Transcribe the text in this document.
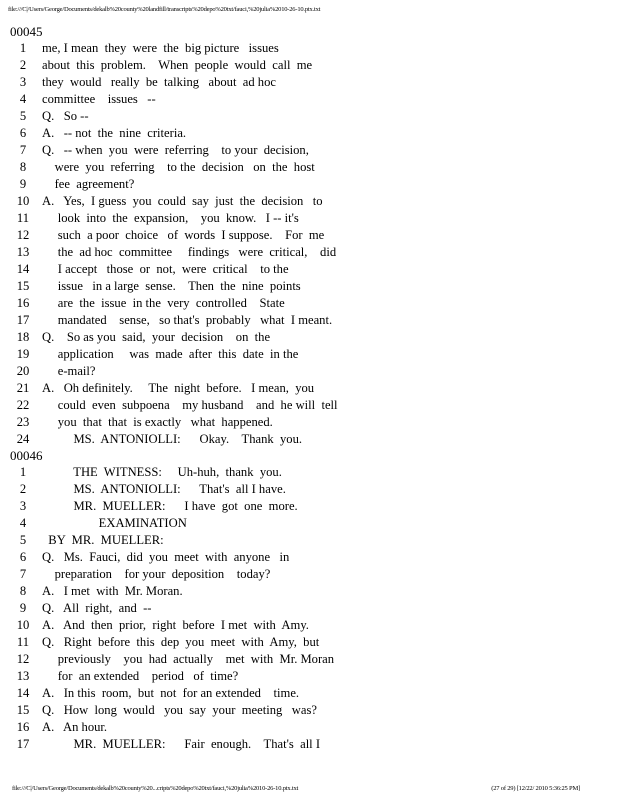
file:///C|/Users/George/Documents/dekalb%20county%20landfill/transcripts%20depo%20txt/fauci,%20julia%2010-26-10.ptx.txt
00045
1	me, I mean  they  were  the  big picture   issues
2	about  this  problem.    When  people  would  call  me
3	they  would   really  be  talking   about  ad hoc
4	committee    issues   --
5	Q.   So --
6	A.   -- not  the  nine  criteria.
7	Q.   -- when  you  were  referring    to your  decision,
8	were  you  referring    to the  decision   on  the  host
9	fee  agreement?
10	A.   Yes,  I guess  you  could  say  just  the  decision   to
11	look  into  the  expansion,    you  know.   I -- it's
12	such  a poor  choice   of  words  I suppose.    For  me
13	the  ad hoc  committee     findings   were  critical,    did
14	I accept   those  or  not,  were  critical    to the
15	issue   in a large  sense.    Then  the  nine  points
16	are  the  issue  in the  very  controlled    State
17	mandated    sense,   so that's  probably   what  I meant.
18	Q.    So as you  said,  your  decision    on  the
19	application     was  made  after  this  date  in the
20	e-mail?
21	A.   Oh definitely.     The  night  before.   I mean,  you
22	could  even  subpoena    my husband    and  he will  tell
23	you  that  that  is exactly   what  happened.
24	MS.  ANTONIOLLI:      Okay.    Thank  you.
00046
1	THE  WITNESS:     Uh-huh,  thank  you.
2	MS.  ANTONIOLLI:      That's  all I have.
3	MR.  MUELLER:      I have  got  one  more.
4	EXAMINATION
5	BY  MR.  MUELLER:
6	Q.   Ms.  Fauci,  did  you  meet  with  anyone   in
7	preparation    for your  deposition    today?
8	A.   I met  with  Mr. Moran.
9	Q.   All  right,  and  --
10	A.   And  then  prior,  right  before  I met  with  Amy.
11	Q.   Right  before  this  dep  you  meet  with  Amy,  but
12	previously    you  had  actually    met  with  Mr. Moran
13	for  an extended    period   of  time?
14	A.   In this  room,  but  not  for an extended    time.
15	Q.   How  long  would   you  say  your  meeting   was?
16	A.   An hour.
17	MR.  MUELLER:      Fair  enough.    That's  all I
file:///C|/Users/George/Documents/dekalb%20county%20...cripts%20depo%20txt/fauci,%20julia%2010-26-10.ptx.txt	(27 of 29) [12/22/ 2010 5:36:25 PM]
